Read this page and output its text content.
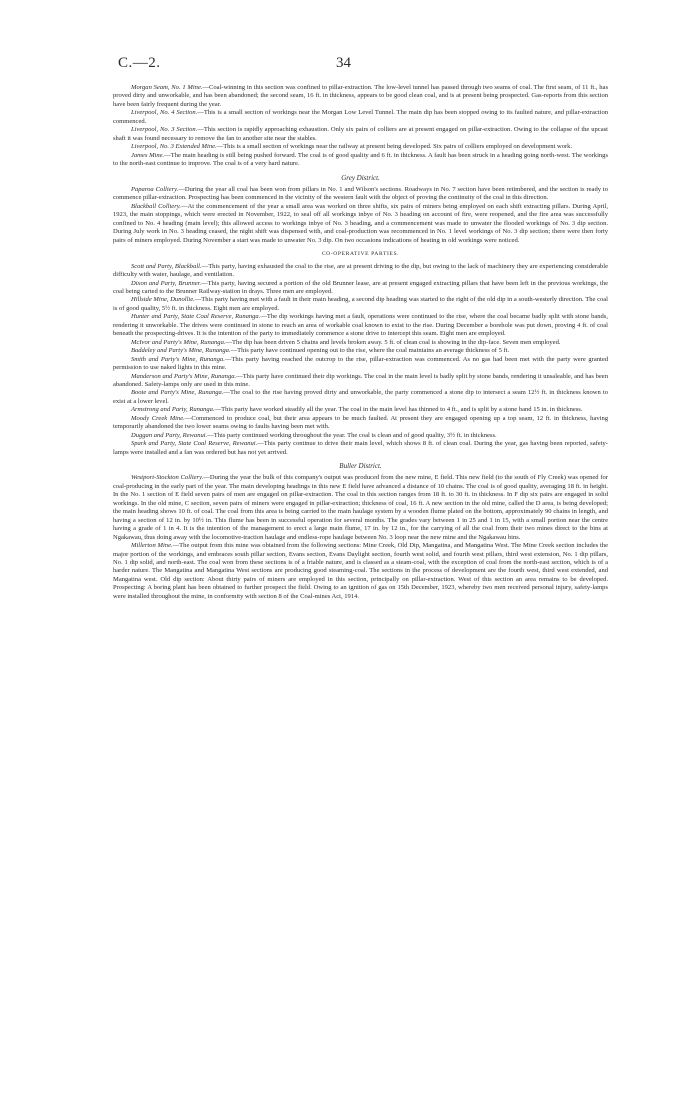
C.—2.	34

Morgan Seam, No. 1 Mine.—Coal-winning in this section was confined to pillar-extraction. The low-level tunnel has passed through two seams of coal. The first seam, of 11 ft., has proved dirty and unworkable, and has been abandoned; the second seam, 16 ft. in thickness, appears to be good clean coal, and is at present being prospected. Gas-reports from this section have been fairly frequent during the year.

Liverpool, No. 4 Section.—This is a small section of workings near the Morgan Low Level Tunnel. The main dip has been stopped owing to its faulted nature, and pillar-extraction commenced.

Liverpool, No. 3 Section.—This section is rapidly approaching exhaustion. Only six pairs of colliers are at present engaged on pillar-extraction. Owing to the collapse of the upcast shaft it was found necessary to remove the fan to another site near the stables.

Liverpool, No. 3 Extended Mine.—This is a small section of workings near the railway at present being developed. Six pairs of colliers employed on development work.

James Mine.—The main heading is still being pushed forward. The coal is of good quality and 6 ft. in thickness. A fault has been struck in a heading going north-west. The workings to the north-east continue to improve. The coal is of a very hard nature.

Grey District.

Paparoa Colliery.—During the year all coal has been won from pillars in No. 1 and Wilson's sections. Roadways in No. 7 section have been retimbered, and the section is ready to commence pillar-extraction. Prospecting has been commenced in the vicinity of the western fault with the object of proving the continuity of the coal in this direction.

Blackball Colliery.—At the commencement of the year a small area was worked on three shifts, six pairs of miners being employed on each shift extracting pillars. During April, 1923, the main stoppings, which were erected in November, 1922, to seal off all workings inbye of No. 3 heading on account of fire, were reopened, and the fire area was successfully confined to No. 4 heading (main level); this allowed access to workings inbye of No. 3 heading, and a commencement was made to unwater the flooded workings of No. 3 dip section. During July work in No. 3 heading ceased, the night shift was dispensed with, and coal-production was recommenced in No. 1 level workings of No. 3 dip section; there were then forty pairs of miners employed. During November a start was made to unwater No. 3 dip. On two occasions indications of heating in old workings were noticed.

CO-OPERATIVE PARTIES.

Scott and Party, Blackball.—This party, having exhausted the coal to the rise, are at present driving to the dip, but owing to the lack of machinery they are experiencing considerable difficulty with water, haulage, and ventilation.

Dixon and Party, Brunner.—This party, having secured a portion of the old Brunner lease, are at present engaged extracting pillars that have been left in the previous workings, the coal being carted to the Brunner Railway-station in drays. Three men are employed.

Hillside Mine, Dunollie.—This party having met with a fault in their main heading, a second dip heading was started to the right of the old dip in a south-westerly direction. The coal is of good quality, 5½ ft. in thickness. Eight men are employed.

Hunter and Party, State Coal Reserve, Runanga.—The dip workings having met a fault, operations were continued to the rise, where the coal became badly split with stone bands, rendering it unworkable. The drives were continued in stone to reach an area of workable coal known to exist to the rise. During December a borehole was put down, proving 4 ft. of coal beneath the prospecting-drives. It is the intention of the party to immediately commence a stone drive to intercept this seam. Eight men are employed.

McIvor and Party's Mine, Runanga.—The dip has been driven 5 chains and levels broken away. 5 ft. of clean coal is showing in the dip-face. Seven men employed.

Baddeley and Party's Mine, Runanga.—This party have continued opening out to the rise, where the coal maintains an average thickness of 5 ft.

Smith and Party's Mine, Runanga.—This party having reached the outcrop to the rise, pillar-extraction was commenced. As no gas had been met with the party were granted permission to use naked lights in this mine.

Manderson and Party's Mine, Runanga.—This party have continued their dip workings. The coal in the main level is badly split by stone bands, rendering it unsaleable, and has been abandoned. Safety-lamps only are used in this mine.

Boote and Party's Mine, Runanga.—The coal to the rise having proved dirty and unworkable, the party commenced a stone dip to intersect a seam 12½ ft. in thickness known to exist at a lower level.

Armstrong and Party, Runanga.—This party have worked steadily all the year. The coal in the main level has thinned to 4 ft., and is split by a stone band 15 in. in thickness.

Moody Creek Mine.—Commenced to produce coal, but their area appears to be much faulted. At present they are engaged opening up a top seam, 12 ft. in thickness, having temporarily abandoned the two lower seams owing to faults having been met with.

Duggan and Party, Rewanui.—This party continued working throughout the year. The coal is clean and of good quality, 3½ ft. in thickness.

Spark and Party, State Coal Reserve, Rewanui.—This party continue to drive their main level, which shows 8 ft. of clean coal. During the year, gas having been reported, safety-lamps were installed and a fan was ordered but has not yet arrived.

Buller District.

Westport-Stockton Colliery.—During the year the bulk of this company's output was produced from the new mine, E field. This new field (to the south of Fly Creek) was opened for coal-producing in the early part of the year. The main developing headings in this new E field have advanced a distance of 10 chains. The coal is of good quality, averaging 18 ft. in height. In the No. 1 section of E field seven pairs of men are engaged on pillar-extraction. The coal in this section ranges from 18 ft. to 30 ft. in thickness. In F dip six pairs are engaged in solid workings. In the old mine, C section, seven pairs of miners were engaged in pillar-extraction; thickness of coal, 16 ft. A new section in the old mine, called the D area, is being developed; the main heading shows 10 ft. of coal. The coal from this area is being carried to the main haulage system by a wooden flume plated on the bottom, approximately 90 chains in length, and having a section of 12 in. by 10½ in. This flume has been in successful operation for several months. The grades vary between 1 in 25 and 1 in 15, with a small portion near the centre having a grade of 1 in 4. It is the intention of the management to erect a large main flume, 17 in. by 12 in., for the carrying of all the coal from their two mines direct to the bins at Ngakawau, thus doing away with the locomotive-traction haulage and endless-rope haulage between No. 3 loop near the new mine and the Ngakawau bins.

Millerton Mine.—The output from this mine was obtained from the following sections: Mine Creek, Old Dip, Mangatina, and Mangatina West. The Mine Creek section includes the major portion of the workings, and embraces south pillar section, Evans section, Evans Daylight section, fourth west solid, and fourth west pillars, third west extension, No. 1 dip pillars, No. 1 dip solid, and north-east. The coal won from these sections is of a friable nature, and is classed as a steam-coal, with the exception of coal from the north-east section, which is of a harder nature. The Mangatina and Mangatina West sections are producing good steaming-coal. The sections in the process of development are the fourth west, third west extended, and Mangatina west. Old dip section: About thirty pairs of miners are employed in this section, principally on pillar-extraction. West of this section an area remains to be developed. Prospecting: A boring plant has been obtained to further prospect the field. Owing to an ignition of gas on 15th December, 1923, whereby two men received personal injury, safety-lamps were installed throughout the mine, in conformity with section 8 of the Coal-mines Act, 1914.
